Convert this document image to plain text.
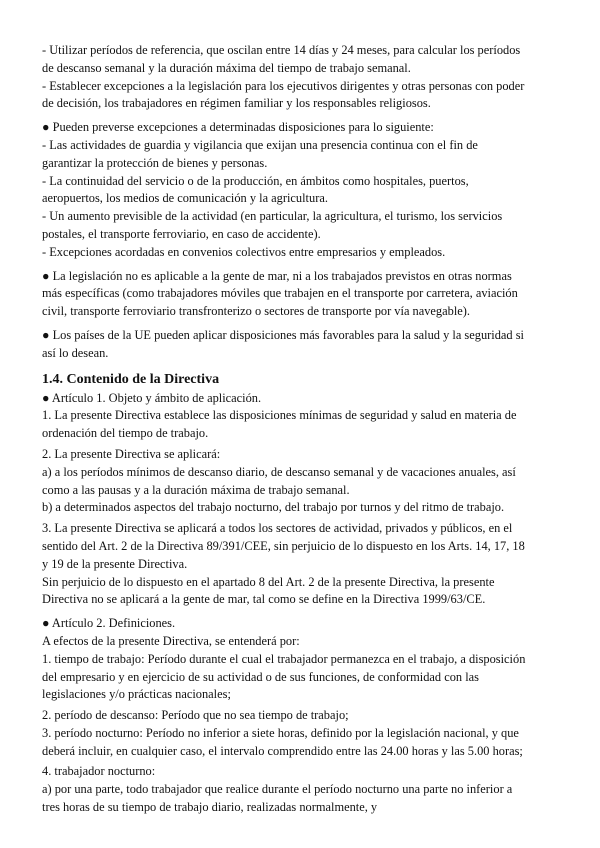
- Utilizar períodos de referencia, que oscilan entre 14 días y 24 meses, para calcular los períodos
de descanso semanal y la duración máxima del tiempo de trabajo semanal.
- Establecer excepciones a la legislación para los ejecutivos dirigentes y otras personas con poder
de decisión, los trabajadores en régimen familiar y los responsables religiosos.
● Pueden preverse excepciones a determinadas disposiciones para lo siguiente:
- Las actividades de guardia y vigilancia que exijan una presencia continua con el fin de
garantizar la protección de bienes y personas.
- La continuidad del servicio o de la producción, en ámbitos como hospitales, puertos,
aeropuertos, los medios de comunicación y la agricultura.
- Un aumento previsible de la actividad (en particular, la agricultura, el turismo, los servicios
postales, el transporte ferroviario, en caso de accidente).
- Excepciones acordadas en convenios colectivos entre empresarios y empleados.
● La legislación no es aplicable a la gente de mar, ni a los trabajados previstos en otras normas
más específicas (como trabajadores móviles que trabajen en el transporte por carretera, aviación
civil, transporte ferroviario transfronterizo o sectores de transporte por vía navegable).
● Los países de la UE pueden aplicar disposiciones más favorables para la salud y la seguridad si
así lo desean.
1.4. Contenido de la Directiva
● Artículo 1. Objeto y ámbito de aplicación.
1. La presente Directiva establece las disposiciones mínimas de seguridad y salud en materia de
ordenación del tiempo de trabajo.
2. La presente Directiva se aplicará:
a) a los períodos mínimos de descanso diario, de descanso semanal y de vacaciones anuales, así
como a las pausas y a la duración máxima de trabajo semanal.
b) a determinados aspectos del trabajo nocturno, del trabajo por turnos y del ritmo de trabajo.
3. La presente Directiva se aplicará a todos los sectores de actividad, privados y públicos, en el
sentido del Art. 2 de la Directiva 89/391/CEE, sin perjuicio de lo dispuesto en los Arts. 14, 17, 18
y 19 de la presente Directiva.
Sin perjuicio de lo dispuesto en el apartado 8 del Art. 2 de la presente Directiva, la presente
Directiva no se aplicará a la gente de mar, tal como se define en la Directiva 1999/63/CE.
● Artículo 2. Definiciones.
A efectos de la presente Directiva, se entenderá por:
1. tiempo de trabajo: Período durante el cual el trabajador permanezca en el trabajo, a disposición
del empresario y en ejercicio de su actividad o de sus funciones, de conformidad con las
legislaciones y/o prácticas nacionales;
2. período de descanso: Período que no sea tiempo de trabajo;
3. período nocturno: Período no inferior a siete horas, definido por la legislación nacional, y que
deberá incluir, en cualquier caso, el intervalo comprendido entre las 24.00 horas y las 5.00 horas;
4. trabajador nocturno:
a) por una parte, todo trabajador que realice durante el período nocturno una parte no inferior a
tres horas de su tiempo de trabajo diario, realizadas normalmente, y
